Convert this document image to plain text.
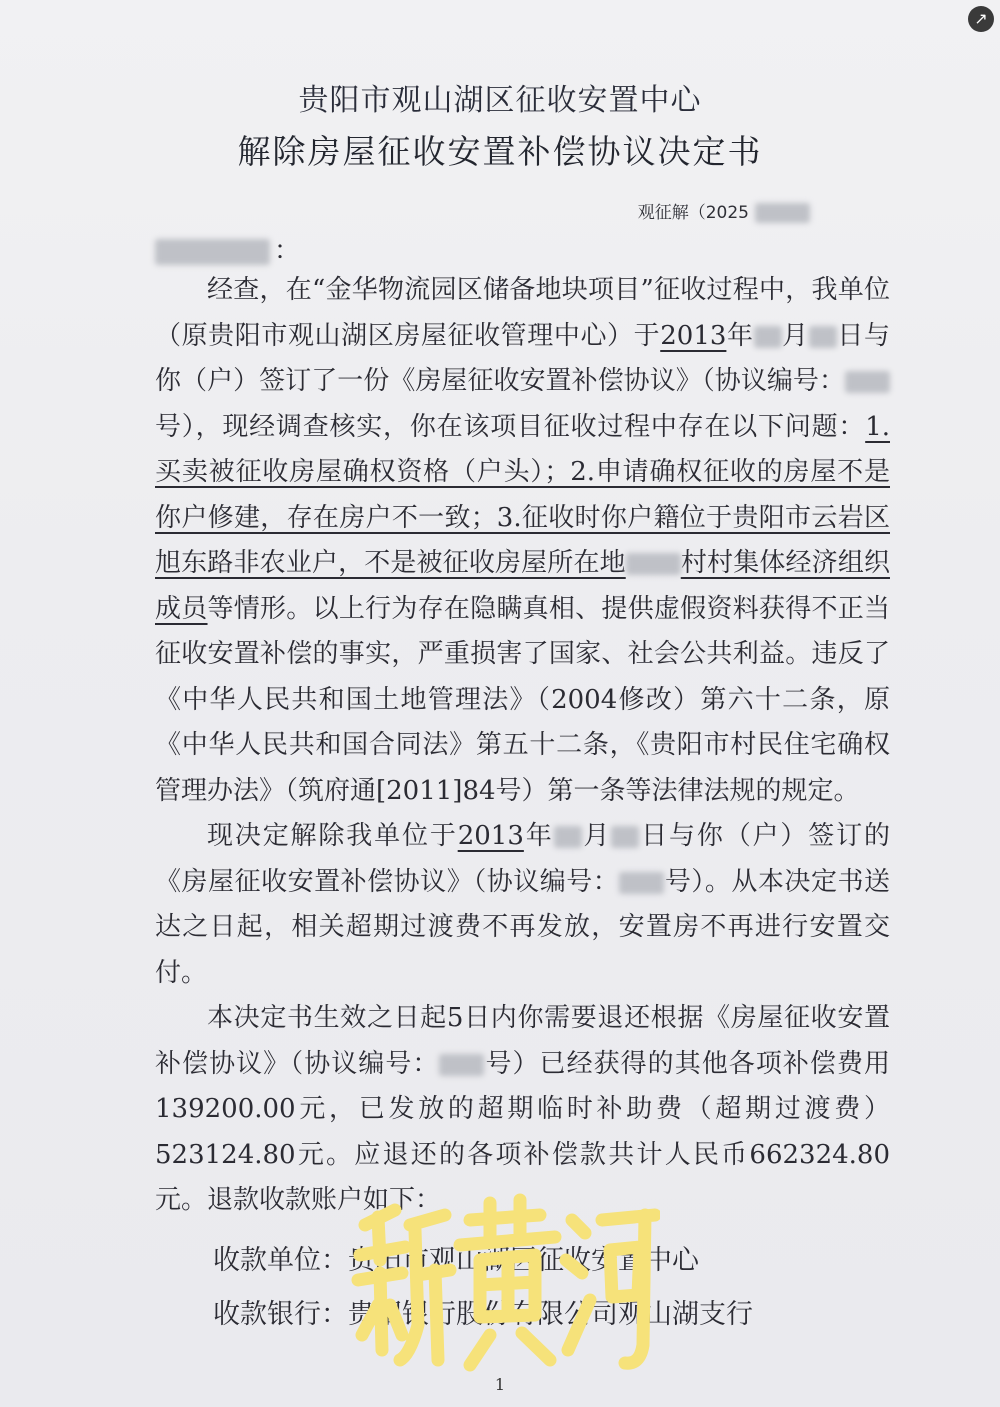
贵阳市观山湖区征收安置中心
解除房屋征收安置补偿协议决定书
观征解（2025
：

经查，在“金华物流园区储备地块项目”征收过程中，我单位（原贵阳市观山湖区房屋征收管理中心）于2013年 月 日与你（户）签订了一份《房屋征收安置补偿协议》（协议编号：号），现经调查核实，你在该项目征收过程中存在以下问题：1.买卖被征收房屋确权资格（户头）；2.申请确权征收的房屋不是你户修建，存在房户不一致；3.征收时你户籍位于贵阳市云岩区旭东路非农业户，不是被征收房屋所在地 村村集体经济组织成员等情形。以上行为存在隐瞒真相、提供虚假资料获得不正当征收安置补偿的事实，严重损害了国家、社会公共利益。违反了《中华人民共和国土地管理法》（2004修改）第六十二条，原《中华人民共和国合同法》第五十二条，《贵阳市村民住宅确权管理办法》（筑府通[2011]84号）第一条等法律法规的规定。

现决定解除我单位于2013年 月 日与你（户）签订的《房屋征收安置补偿协议》（协议编号： 号）。从本决定书送达之日起，相关超期过渡费不再发放，安置房不再进行安置交付。

本决定书生效之日起5日内你需要退还根据《房屋征收安置补偿协议》（协议编号： 号）已经获得的其他各项补偿费用139200.00元，已发放的超期临时补助费（超期过渡费）523124.80元。应退还的各项补偿款共计人民币662324.80元。退款收款账户如下：

收款单位：贵阳市观山湖区征收安置中心
收款银行：贵阳银行股份有限公司观山湖支行
1
↗
